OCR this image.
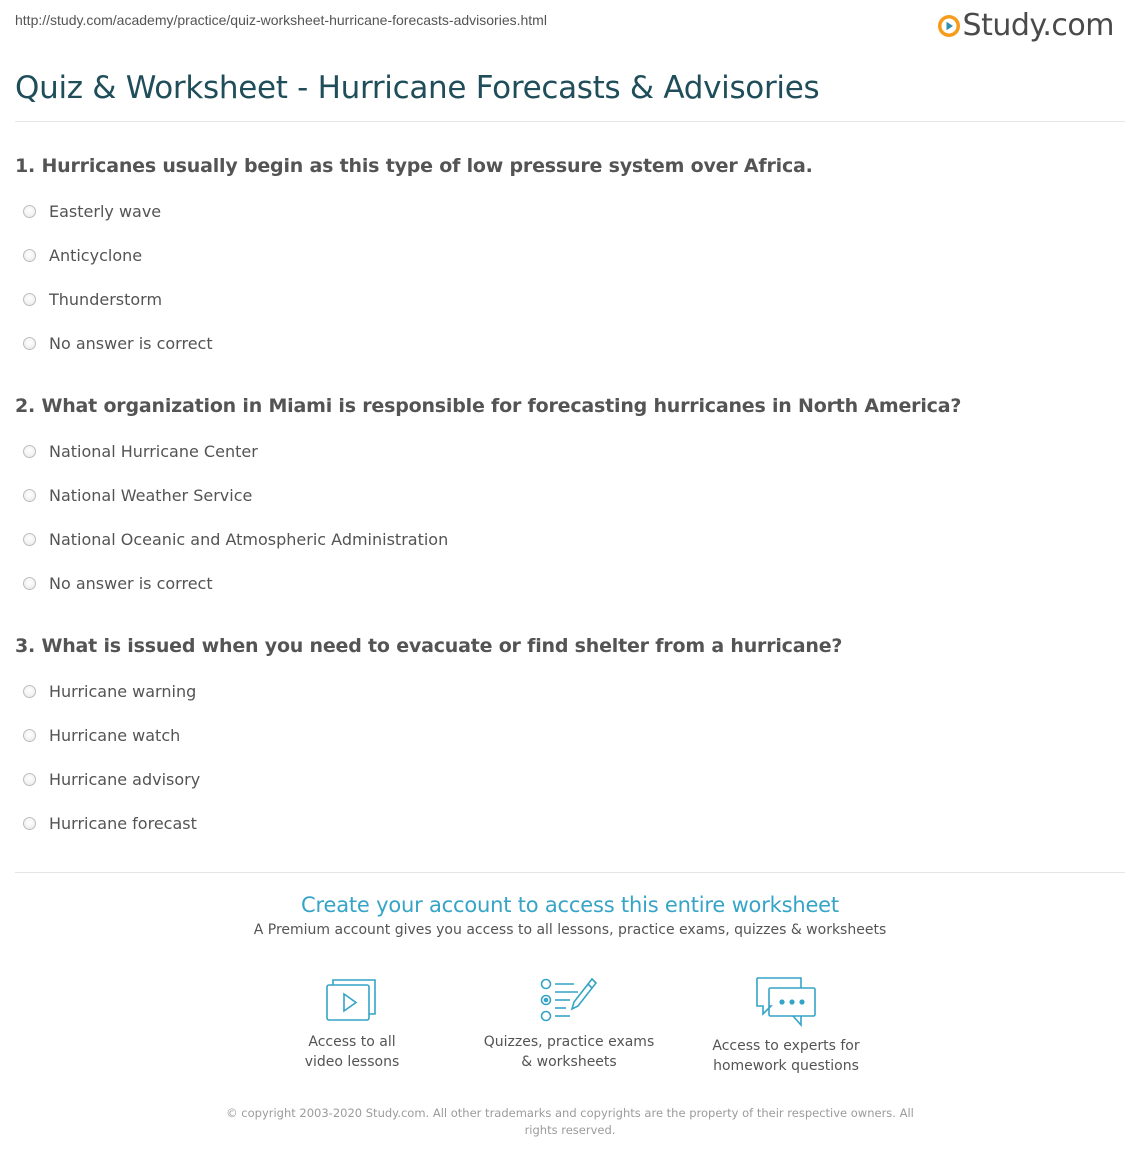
http://study.com/academy/practice/quiz-worksheet-hurricane-forecasts-advisories.html	Study.com
Quiz & Worksheet - Hurricane Forecasts & Advisories

1. Hurricanes usually begin as this type of low pressure system over Africa.

Easterly wave
Anticyclone
Thunderstorm
No answer is correct

2. What organization in Miami is responsible for forecasting hurricanes in North America?

National Hurricane Center
National Weather Service
National Oceanic and Atmospheric Administration
No answer is correct

3. What is issued when you need to evacuate or find shelter from a hurricane?

Hurricane warning
Hurricane watch
Hurricane advisory
Hurricane forecast

Create your account to access this entire worksheet

A Premium account gives you access to all lessons, practice exams, quizzes & worksheets
Access to all
video lessons
Quizzes, practice exams
& worksheets
Access to experts for
homework questions
© copyright 2003-2020 Study.com. All other trademarks and copyrights are the property of their respective owners. All rights reserved.
